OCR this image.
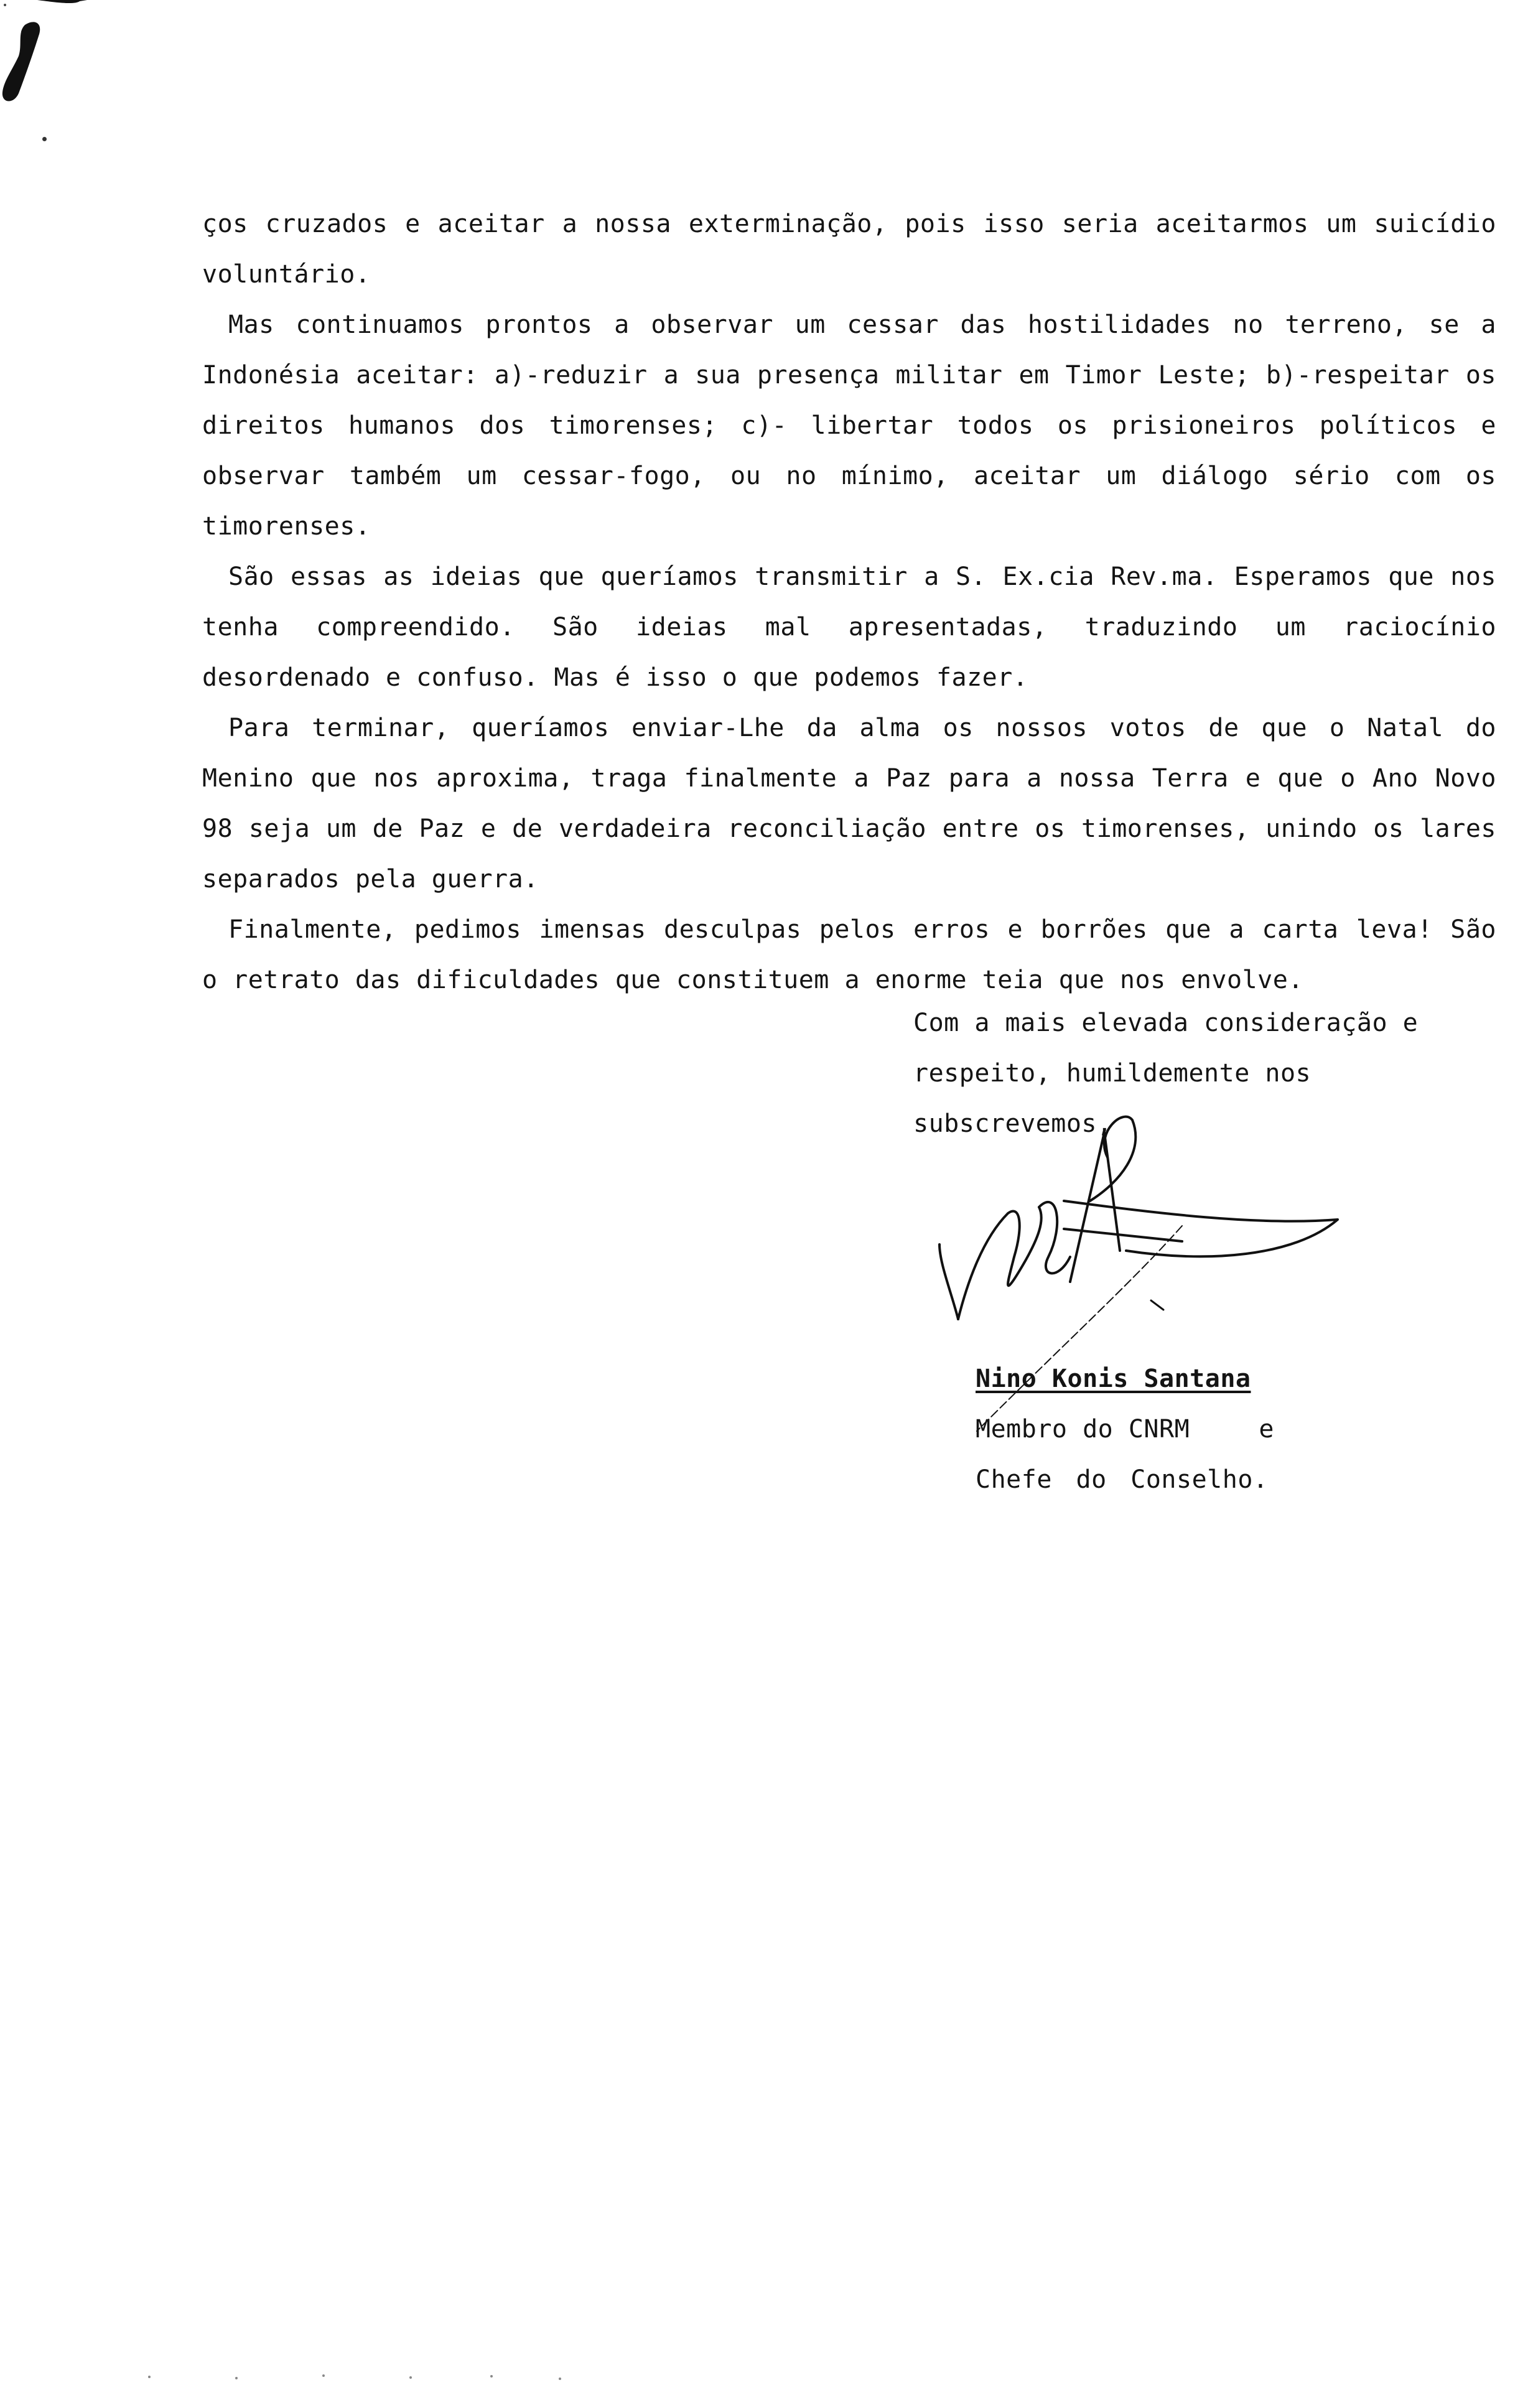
ços cruzados e aceitar a nossa exterminação, pois isso seria aceitarmos um suicídio voluntário.

Mas continuamos prontos a observar um cessar das hostilidades no terreno, se a Indonésia aceitar: a)-reduzir a sua presença militar em Timor Leste; b)-respeitar os direitos humanos dos timorenses; c)- libertar todos os prisioneiros políticos e observar também um cessar-fogo, ou no mínimo, aceitar um diálogo sério com os timorenses.

São essas as ideias que queríamos transmitir a S. Ex.cia Rev.ma. Esperamos que nos tenha compreendido. São ideias mal apresentadas, traduzindo um raciocínio desordenado e confuso. Mas é isso o que podemos fazer.

Para terminar, queríamos enviar-Lhe da alma os nossos votos de que o Natal do Menino que nos aproxima, traga finalmente a Paz para a nossa Terra e que o Ano Novo 98 seja um de Paz e de verdadeira reconciliação entre os timorenses, unindo os lares separados pela guerra.

Finalmente, pedimos imensas desculpas pelos erros e borrões que a carta leva! São o retrato das dificuldades que constituem a enorme teia que nos envolve.

Com a mais elevada consideração e respeito, humildemente nos subscrevemos,

Nino Konis Santana
Membro do CNRM	e
Chefe do Conselho.
